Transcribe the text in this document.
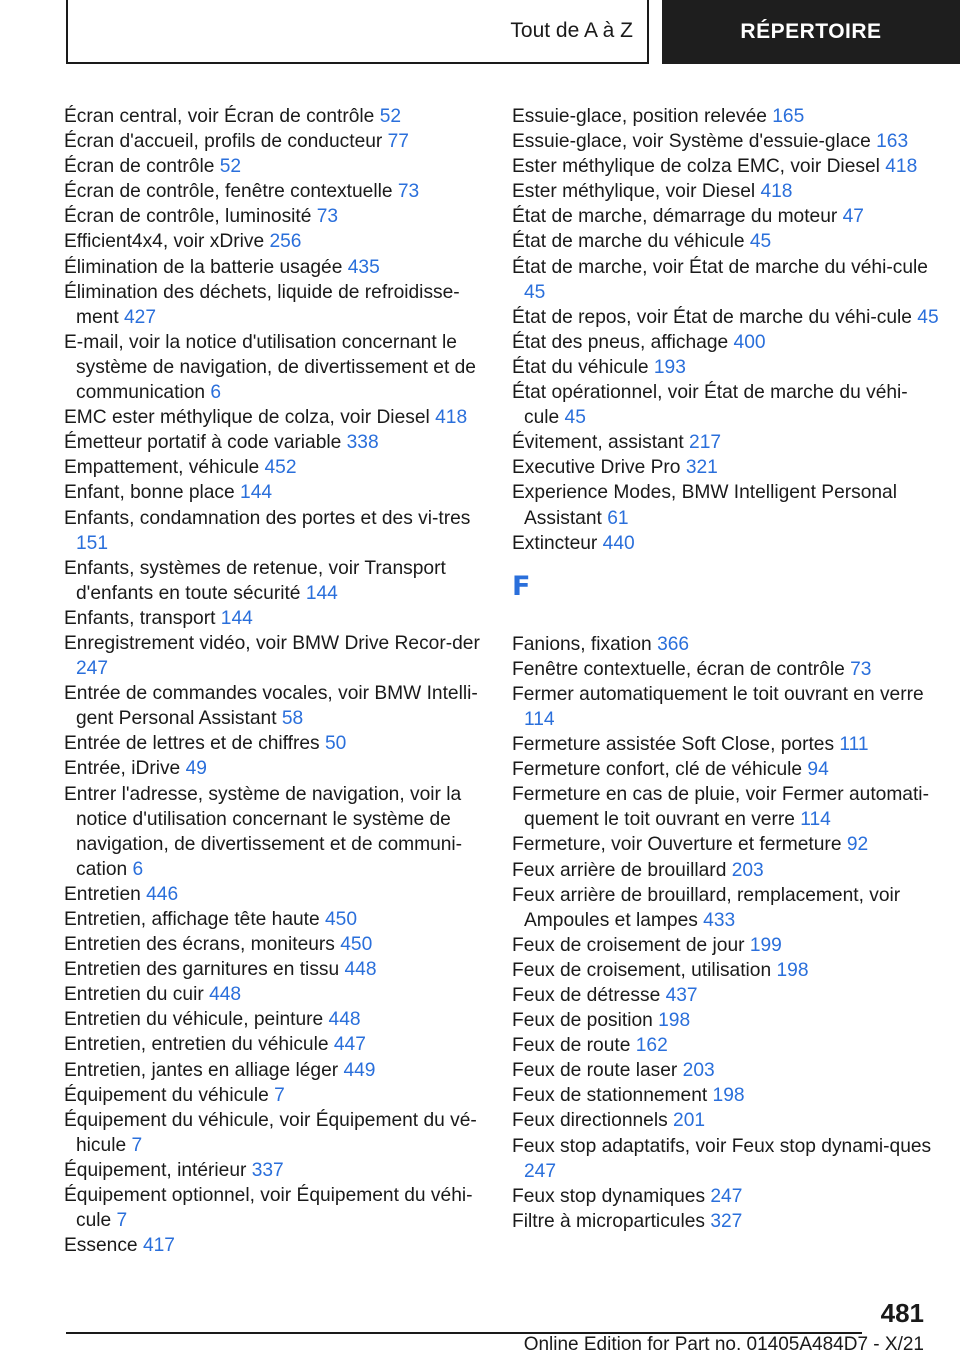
Tout de A à Z	RÉPERTOIRE
Écran central, voir Écran de contrôle 52
Écran d'accueil, profils de conducteur 77
Écran de contrôle 52
Écran de contrôle, fenêtre contextuelle 73
Écran de contrôle, luminosité 73
Efficient4x4, voir xDrive 256
Élimination de la batterie usagée 435
Élimination des déchets, liquide de refroidisse‐ment 427
E-mail, voir la notice d'utilisation concernant le système de navigation, de divertissement et de communication 6
EMC ester méthylique de colza, voir Diesel 418
Émetteur portatif à code variable 338
Empattement, véhicule 452
Enfant, bonne place 144
Enfants, condamnation des portes et des vi‐tres 151
Enfants, systèmes de retenue, voir Transport d'enfants en toute sécurité 144
Enfants, transport 144
Enregistrement vidéo, voir BMW Drive Recor‐der 247
Entrée de commandes vocales, voir BMW Intelli‐gent Personal Assistant 58
Entrée de lettres et de chiffres 50
Entrée, iDrive 49
Entrer l'adresse, système de navigation, voir la notice d'utilisation concernant le système de navigation, de divertissement et de communi‐cation 6
Entretien 446
Entretien, affichage tête haute 450
Entretien des écrans, moniteurs 450
Entretien des garnitures en tissu 448
Entretien du cuir 448
Entretien du véhicule, peinture 448
Entretien, entretien du véhicule 447
Entretien, jantes en alliage léger 449
Équipement du véhicule 7
Équipement du véhicule, voir Équipement du vé‐hicule 7
Équipement, intérieur 337
Équipement optionnel, voir Équipement du véhi‐cule 7
Essence 417
Essuie-glace, position relevée 165
Essuie-glace, voir Système d'essuie-glace 163
Ester méthylique de colza EMC, voir Diesel 418
Ester méthylique, voir Diesel 418
État de marche, démarrage du moteur 47
État de marche du véhicule 45
État de marche, voir État de marche du véhi‐cule 45
État de repos, voir État de marche du véhi‐cule 45
État des pneus, affichage 400
État du véhicule 193
État opérationnel, voir État de marche du véhi‐cule 45
Évitement, assistant 217
Executive Drive Pro 321
Experience Modes, BMW Intelligent Personal Assistant 61
Extincteur 440
F
Fanions, fixation 366
Fenêtre contextuelle, écran de contrôle 73
Fermer automatiquement le toit ouvrant en verre 114
Fermeture assistée Soft Close, portes 111
Fermeture confort, clé de véhicule 94
Fermeture en cas de pluie, voir Fermer automati‐quement le toit ouvrant en verre 114
Fermeture, voir Ouverture et fermeture 92
Feux arrière de brouillard 203
Feux arrière de brouillard, remplacement, voir Ampoules et lampes 433
Feux de croisement de jour 199
Feux de croisement, utilisation 198
Feux de détresse 437
Feux de position 198
Feux de route 162
Feux de route laser 203
Feux de stationnement 198
Feux directionnels 201
Feux stop adaptatifs, voir Feux stop dynami‐ques 247
Feux stop dynamiques 247
Filtre à microparticules 327
481
Online Edition for Part no. 01405A484D7 - X/21
